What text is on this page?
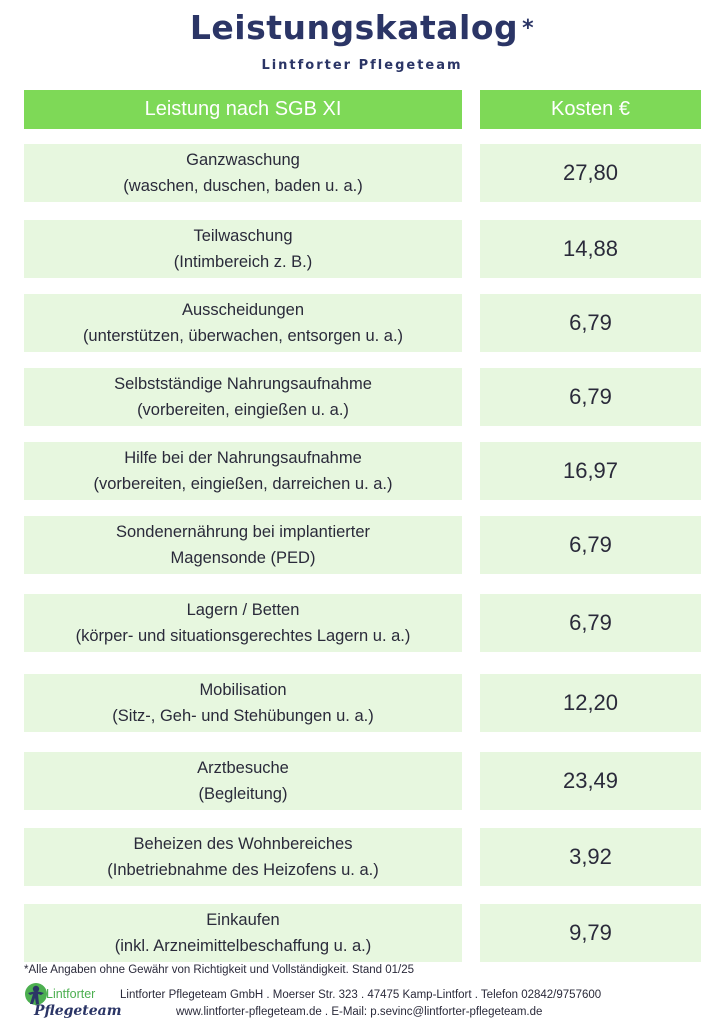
Leistungskatalog *
Lintforter Pflegeteam
Leistung nach SGB XI	Kosten €
Ganzwaschung
(waschen, duschen, baden u. a.)
27,80
Teilwaschung
(Intimbereich z. B.)
14,88
Ausscheidungen
(unterstützen, überwachen, entsorgen u. a.)
6,79
Selbstständige Nahrungsaufnahme
(vorbereiten, eingießen u. a.)
6,79
Hilfe bei der Nahrungsaufnahme
(vorbereiten, eingießen, darreichen u. a.)
16,97
Sondenernährung bei implantierter
Magensonde (PED)
6,79
Lagern / Betten
(körper- und situationsgerechtes Lagern u. a.)
6,79
Mobilisation
(Sitz-, Geh- und Stehübungen u. a.)
12,20
Arztbesuche
(Begleitung)
23,49
Beheizen des Wohnbereiches
(Inbetriebnahme des Heizofens u. a.)
3,92
Einkaufen
(inkl. Arzneimittelbeschaffung u. a.)
9,79
*Alle Angaben ohne Gewähr von Richtigkeit und Vollständigkeit. Stand 01/25
Lintforter
Pflegeteam
Lintforter Pflegeteam GmbH . Moerser Str. 323 . 47475 Kamp-Lintfort . Telefon 02842/9757600
www.lintforter-pflegeteam.de . E-Mail: p.sevinc@lintforter-pflegeteam.de
